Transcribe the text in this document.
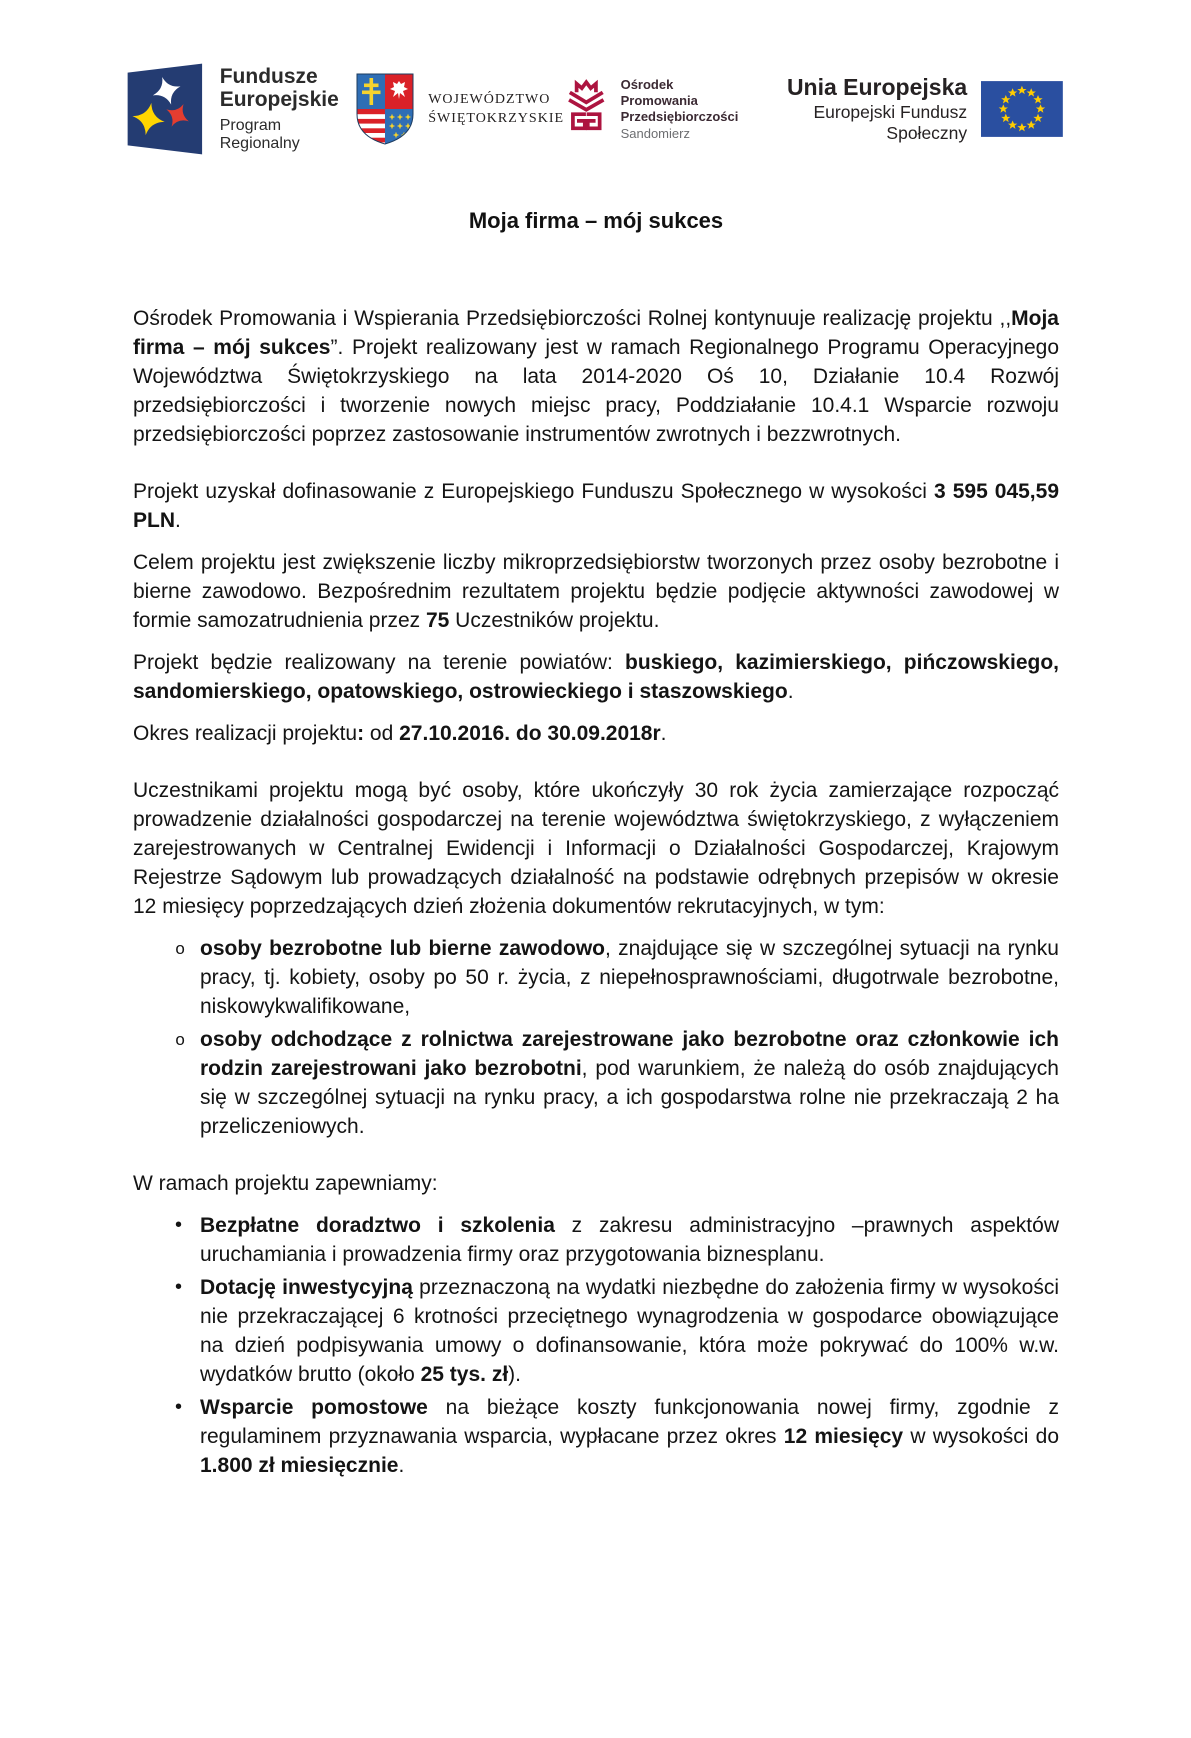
Fundusze
Europejskie
Program Regionalny
WOJEWÓDZTWO
ŚWIĘTOKRZYSKIE
Ośrodek Promowania
Przedsiębiorczości
Sandomierz
Unia Europejska
Europejski Fundusz Społeczny
Moja firma – mój sukces
Ośrodek Promowania i Wspierania Przedsiębiorczości Rolnej kontynuuje realizację projektu ,,Moja firma – mój sukces”. Projekt realizowany jest w ramach Regionalnego Programu Operacyjnego Województwa Świętokrzyskiego na lata 2014-2020 Oś 10, Działanie 10.4 Rozwój przedsiębiorczości i tworzenie nowych miejsc pracy, Poddziałanie 10.4.1 Wsparcie rozwoju przedsiębiorczości poprzez zastosowanie instrumentów zwrotnych i bezzwrotnych.
Projekt uzyskał dofinasowanie z Europejskiego Funduszu Społecznego w wysokości 3 595 045,59 PLN.
Celem projektu jest zwiększenie liczby mikroprzedsiębiorstw tworzonych przez osoby bezrobotne i bierne zawodowo. Bezpośrednim rezultatem projektu będzie podjęcie aktywności zawodowej w formie samozatrudnienia przez 75 Uczestników projektu.
Projekt będzie realizowany na terenie powiatów: buskiego, kazimierskiego, pińczowskiego, sandomierskiego, opatowskiego, ostrowieckiego i staszowskiego.
Okres realizacji projektu: od 27.10.2016. do 30.09.2018r.
Uczestnikami projektu mogą być osoby, które ukończyły 30 rok życia zamierzające rozpocząć prowadzenie działalności gospodarczej na terenie województwa świętokrzyskiego, z wyłączeniem zarejestrowanych w Centralnej Ewidencji i Informacji o Działalności Gospodarczej, Krajowym Rejestrze Sądowym lub prowadzących działalność na podstawie odrębnych przepisów w okresie 12 miesięcy poprzedzających dzień złożenia dokumentów rekrutacyjnych, w tym:
o osoby bezrobotne lub bierne zawodowo, znajdujące się w szczególnej sytuacji na rynku pracy, tj. kobiety, osoby po 50 r. życia, z niepełnosprawnościami, długotrwale bezrobotne, niskowykwalifikowane,
o osoby odchodzące z rolnictwa zarejestrowane jako bezrobotne oraz członkowie ich rodzin zarejestrowani jako bezrobotni, pod warunkiem, że należą do osób znajdujących się w szczególnej sytuacji na rynku pracy, a ich gospodarstwa rolne nie przekraczają 2 ha przeliczeniowych.
W ramach projektu zapewniamy:
• Bezpłatne doradztwo i szkolenia z zakresu administracyjno –prawnych aspektów uruchamiania i prowadzenia firmy oraz przygotowania biznesplanu.
• Dotację inwestycyjną przeznaczoną na wydatki niezbędne do założenia firmy w wysokości nie przekraczającej 6 krotności przeciętnego wynagrodzenia w gospodarce obowiązujące na dzień podpisywania umowy o dofinansowanie, która może pokrywać do 100% w.w. wydatków brutto (około 25 tys. zł).
• Wsparcie pomostowe na bieżące koszty funkcjonowania nowej firmy, zgodnie z regulaminem przyznawania wsparcia, wypłacane przez okres 12 miesięcy w wysokości do 1.800 zł miesięcznie.
